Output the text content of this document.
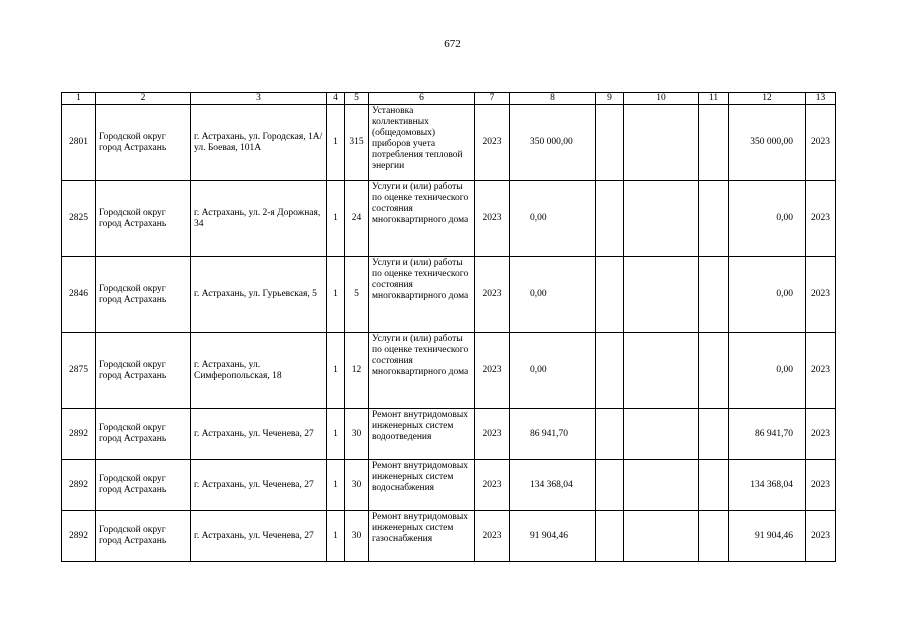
672
1	2	3	4	5	6	7	8	9	10	11	12	13
2801	Городской округ город Астрахань	г. Астрахань, ул. Городская, 1А/ ул. Боевая, 101А	1	315	Установка коллективных (общедомовых) приборов учета потребления тепловой энергии	2023	350 000,00				350 000,00	2023
2825	Городской округ город Астрахань	г. Астрахань, ул. 2-я Дорожная, 34	1	24	Услуги и (или) работы по оценке технического состояния многоквартирного дома	2023	0,00				0,00	2023
2846	Городской округ город Астрахань	г. Астрахань, ул. Гурьевская, 5	1	5	Услуги и (или) работы по оценке технического состояния многоквартирного дома	2023	0,00				0,00	2023
2875	Городской округ город Астрахань	г. Астрахань, ул. Симферопольская, 18	1	12	Услуги и (или) работы по оценке технического состояния многоквартирного дома	2023	0,00				0,00	2023
2892	Городской округ город Астрахань	г. Астрахань, ул. Чеченева, 27	1	30	Ремонт внутридомовых инженерных систем водоотведения	2023	86 941,70				86 941,70	2023
2892	Городской округ город Астрахань	г. Астрахань, ул. Чеченева, 27	1	30	Ремонт внутридомовых инженерных систем водоснабжения	2023	134 368,04				134 368,04	2023
2892	Городской округ город Астрахань	г. Астрахань, ул. Чеченева, 27	1	30	Ремонт внутридомовых инженерных систем газоснабжения	2023	91 904,46				91 904,46	2023
